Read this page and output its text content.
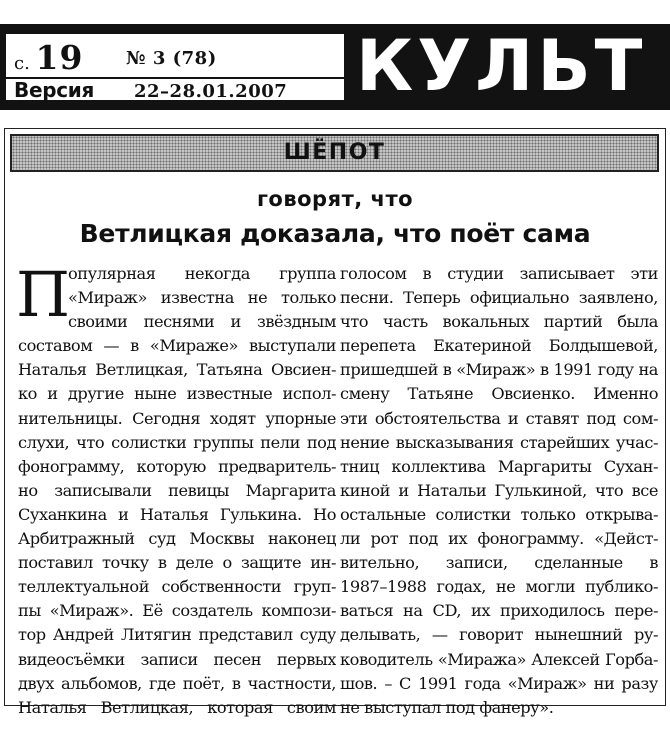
с. 19 № 3 (78)
Версия 22–28.01.2007 КУЛЬТ
ШЁПОТ
говорят, что
Ветлицкая доказала, что поёт сама
П
опулярная некогда группа
«Мираж» известна не только
своими песнями и звёздным
составом — в «Мираже» выступали
Наталья Ветлицкая, Татьяна Овсиен-
ко и другие ныне известные испол-
нительницы. Сегодня ходят упорные
слухи, что солистки группы пели под
фонограмму, которую предваритель-
но записывали певицы Маргарита
Суханкина и Наталья Гулькина. Но
Арбитражный суд Москвы наконец
поставил точку в деле о защите ин-
теллектуальной собственности груп-
пы «Мираж». Её создатель компози-
тор Андрей Литягин представил суду
видеосъёмки записи песен первых
двух альбомов, где поёт, в частности,
Наталья Ветлицкая, которая своим
голосом в студии записывает эти
песни. Теперь официально заявлено,
что часть вокальных партий была
перепета Екатериной Болдышевой,
пришедшей в «Мираж» в 1991 году на
смену Татьяне Овсиенко. Именно
эти обстоятельства и ставят под сом-
нение высказывания старейших учас-
тниц коллектива Маргариты Сухан-
киной и Натальи Гулькиной, что все
остальные солистки только открыва-
ли рот под их фонограмму. «Дейст-
вительно, записи, сделанные в
1987–1988 годах, не могли публико-
ваться на CD, их приходилось пере-
делывать, — говорит нынешний ру-
ководитель «Миража» Алексей Горба-
шов. – С 1991 года «Мираж» ни разу
не выступал под фанеру».
